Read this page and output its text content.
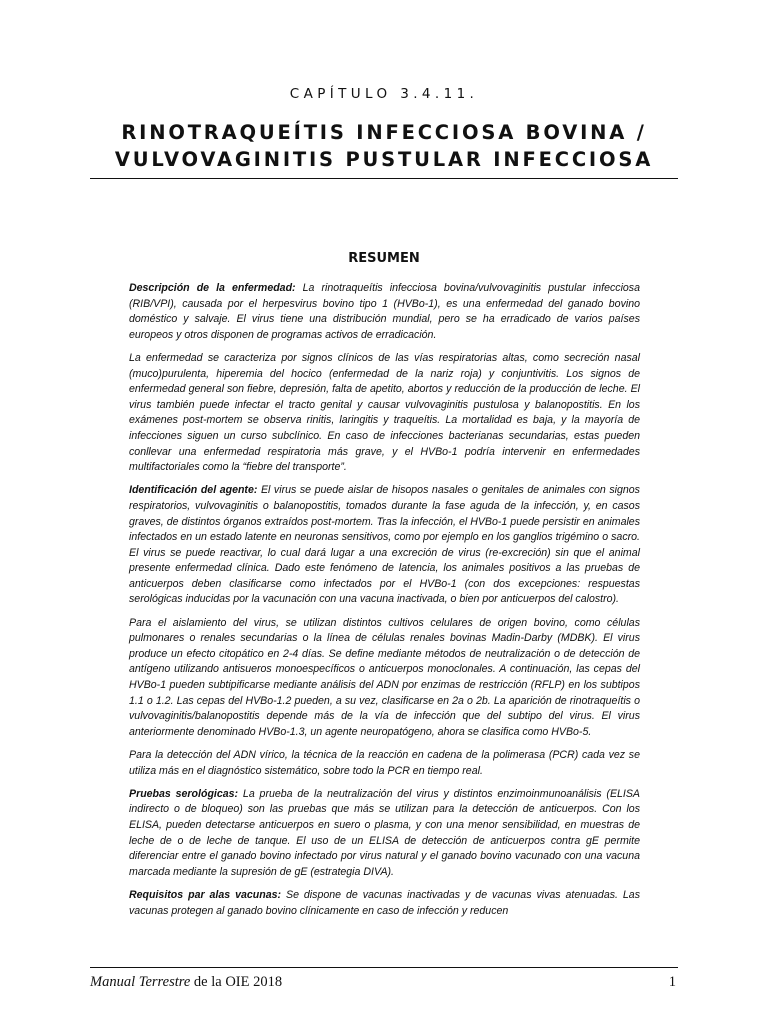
CAPÍTULO 3.4.11.
RINOTRAQUEÍTIS INFECCIOSA BOVINA /
VULVOVAGINITIS PUSTULAR INFECCIOSA
RESUMEN

Descripción de la enfermedad: La rinotraqueítis infecciosa bovina/vulvovaginitis pustular infecciosa (RIB/VPI), causada por el herpesvirus bovino tipo 1 (HVBo-1), es una enfermedad del ganado bovino doméstico y salvaje. El virus tiene una distribución mundial, pero se ha erradicado de varios países europeos y otros disponen de programas activos de erradicación.

La enfermedad se caracteriza por signos clínicos de las vías respiratorias altas, como secreción nasal (muco)purulenta, hiperemia del hocico (enfermedad de la nariz roja) y conjuntivitis. Los signos de enfermedad general son fiebre, depresión, falta de apetito, abortos y reducción de la producción de leche. El virus también puede infectar el tracto genital y causar vulvovaginitis pustulosa y balanopostitis. En los exámenes post-mortem se observa rinitis, laringitis y traqueítis. La mortalidad es baja, y la mayoría de infecciones siguen un curso subclínico. En caso de infecciones bacterianas secundarias, estas pueden conllevar una enfermedad respiratoria más grave, y el HVBo-1 podría intervenir en enfermedades multifactoriales como la “fiebre del transporte”.

Identificación del agente: El virus se puede aislar de hisopos nasales o genitales de animales con signos respiratorios, vulvovaginitis o balanopostitis, tomados durante la fase aguda de la infección, y, en casos graves, de distintos órganos extraídos post-mortem. Tras la infección, el HVBo-1 puede persistir en animales infectados en un estado latente en neuronas sensitivos, como por ejemplo en los ganglios trigémino o sacro. El virus se puede reactivar, lo cual dará lugar a una excreción de virus (re-excreción) sin que el animal presente enfermedad clínica. Dado este fenómeno de latencia, los animales positivos a las pruebas de anticuerpos deben clasificarse como infectados por el HVBo-1 (con dos excepciones: respuestas serológicas inducidas por la vacunación con una vacuna inactivada, o bien por anticuerpos del calostro).

Para el aislamiento del virus, se utilizan distintos cultivos celulares de origen bovino, como células pulmonares o renales secundarias o la línea de células renales bovinas Madin-Darby (MDBK). El virus produce un efecto citopático en 2-4 días. Se define mediante métodos de neutralización o de detección de antígeno utilizando antisueros monoespecíficos o anticuerpos monoclonales. A continuación, las cepas del HVBo-1 pueden subtipificarse mediante análisis del ADN por enzimas de restricción (RFLP) en los subtipos 1.1 o 1.2. Las cepas del HVBo-1.2 pueden, a su vez, clasificarse en 2a o 2b. La aparición de rinotraqueítis o vulvovaginitis/balanopostitis depende más de la vía de infección que del subtipo del virus. El virus anteriormente denominado HVBo-1.3, un agente neuropatógeno, ahora se clasifica como HVBo-5.

Para la detección del ADN vírico, la técnica de la reacción en cadena de la polimerasa (PCR) cada vez se utiliza más en el diagnóstico sistemático, sobre todo la PCR en tiempo real.

Pruebas serológicas: La prueba de la neutralización del virus y distintos enzimoinmunoanálisis (ELISA indirecto o de bloqueo) son las pruebas que más se utilizan para la detección de anticuerpos. Con los ELISA, pueden detectarse anticuerpos en suero o plasma, y con una menor sensibilidad, en muestras de leche de o de leche de tanque. El uso de un ELISA de detección de anticuerpos contra gE permite diferenciar entre el ganado bovino infectado por virus natural y el ganado bovino vacunado con una vacuna marcada mediante la supresión de gE (estrategia DIVA).

Requisitos par alas vacunas: Se dispone de vacunas inactivadas y de vacunas vivas atenuadas. Las vacunas protegen al ganado bovino clínicamente en caso de infección y reducen

Manual Terrestre de la OIE 2018	1
